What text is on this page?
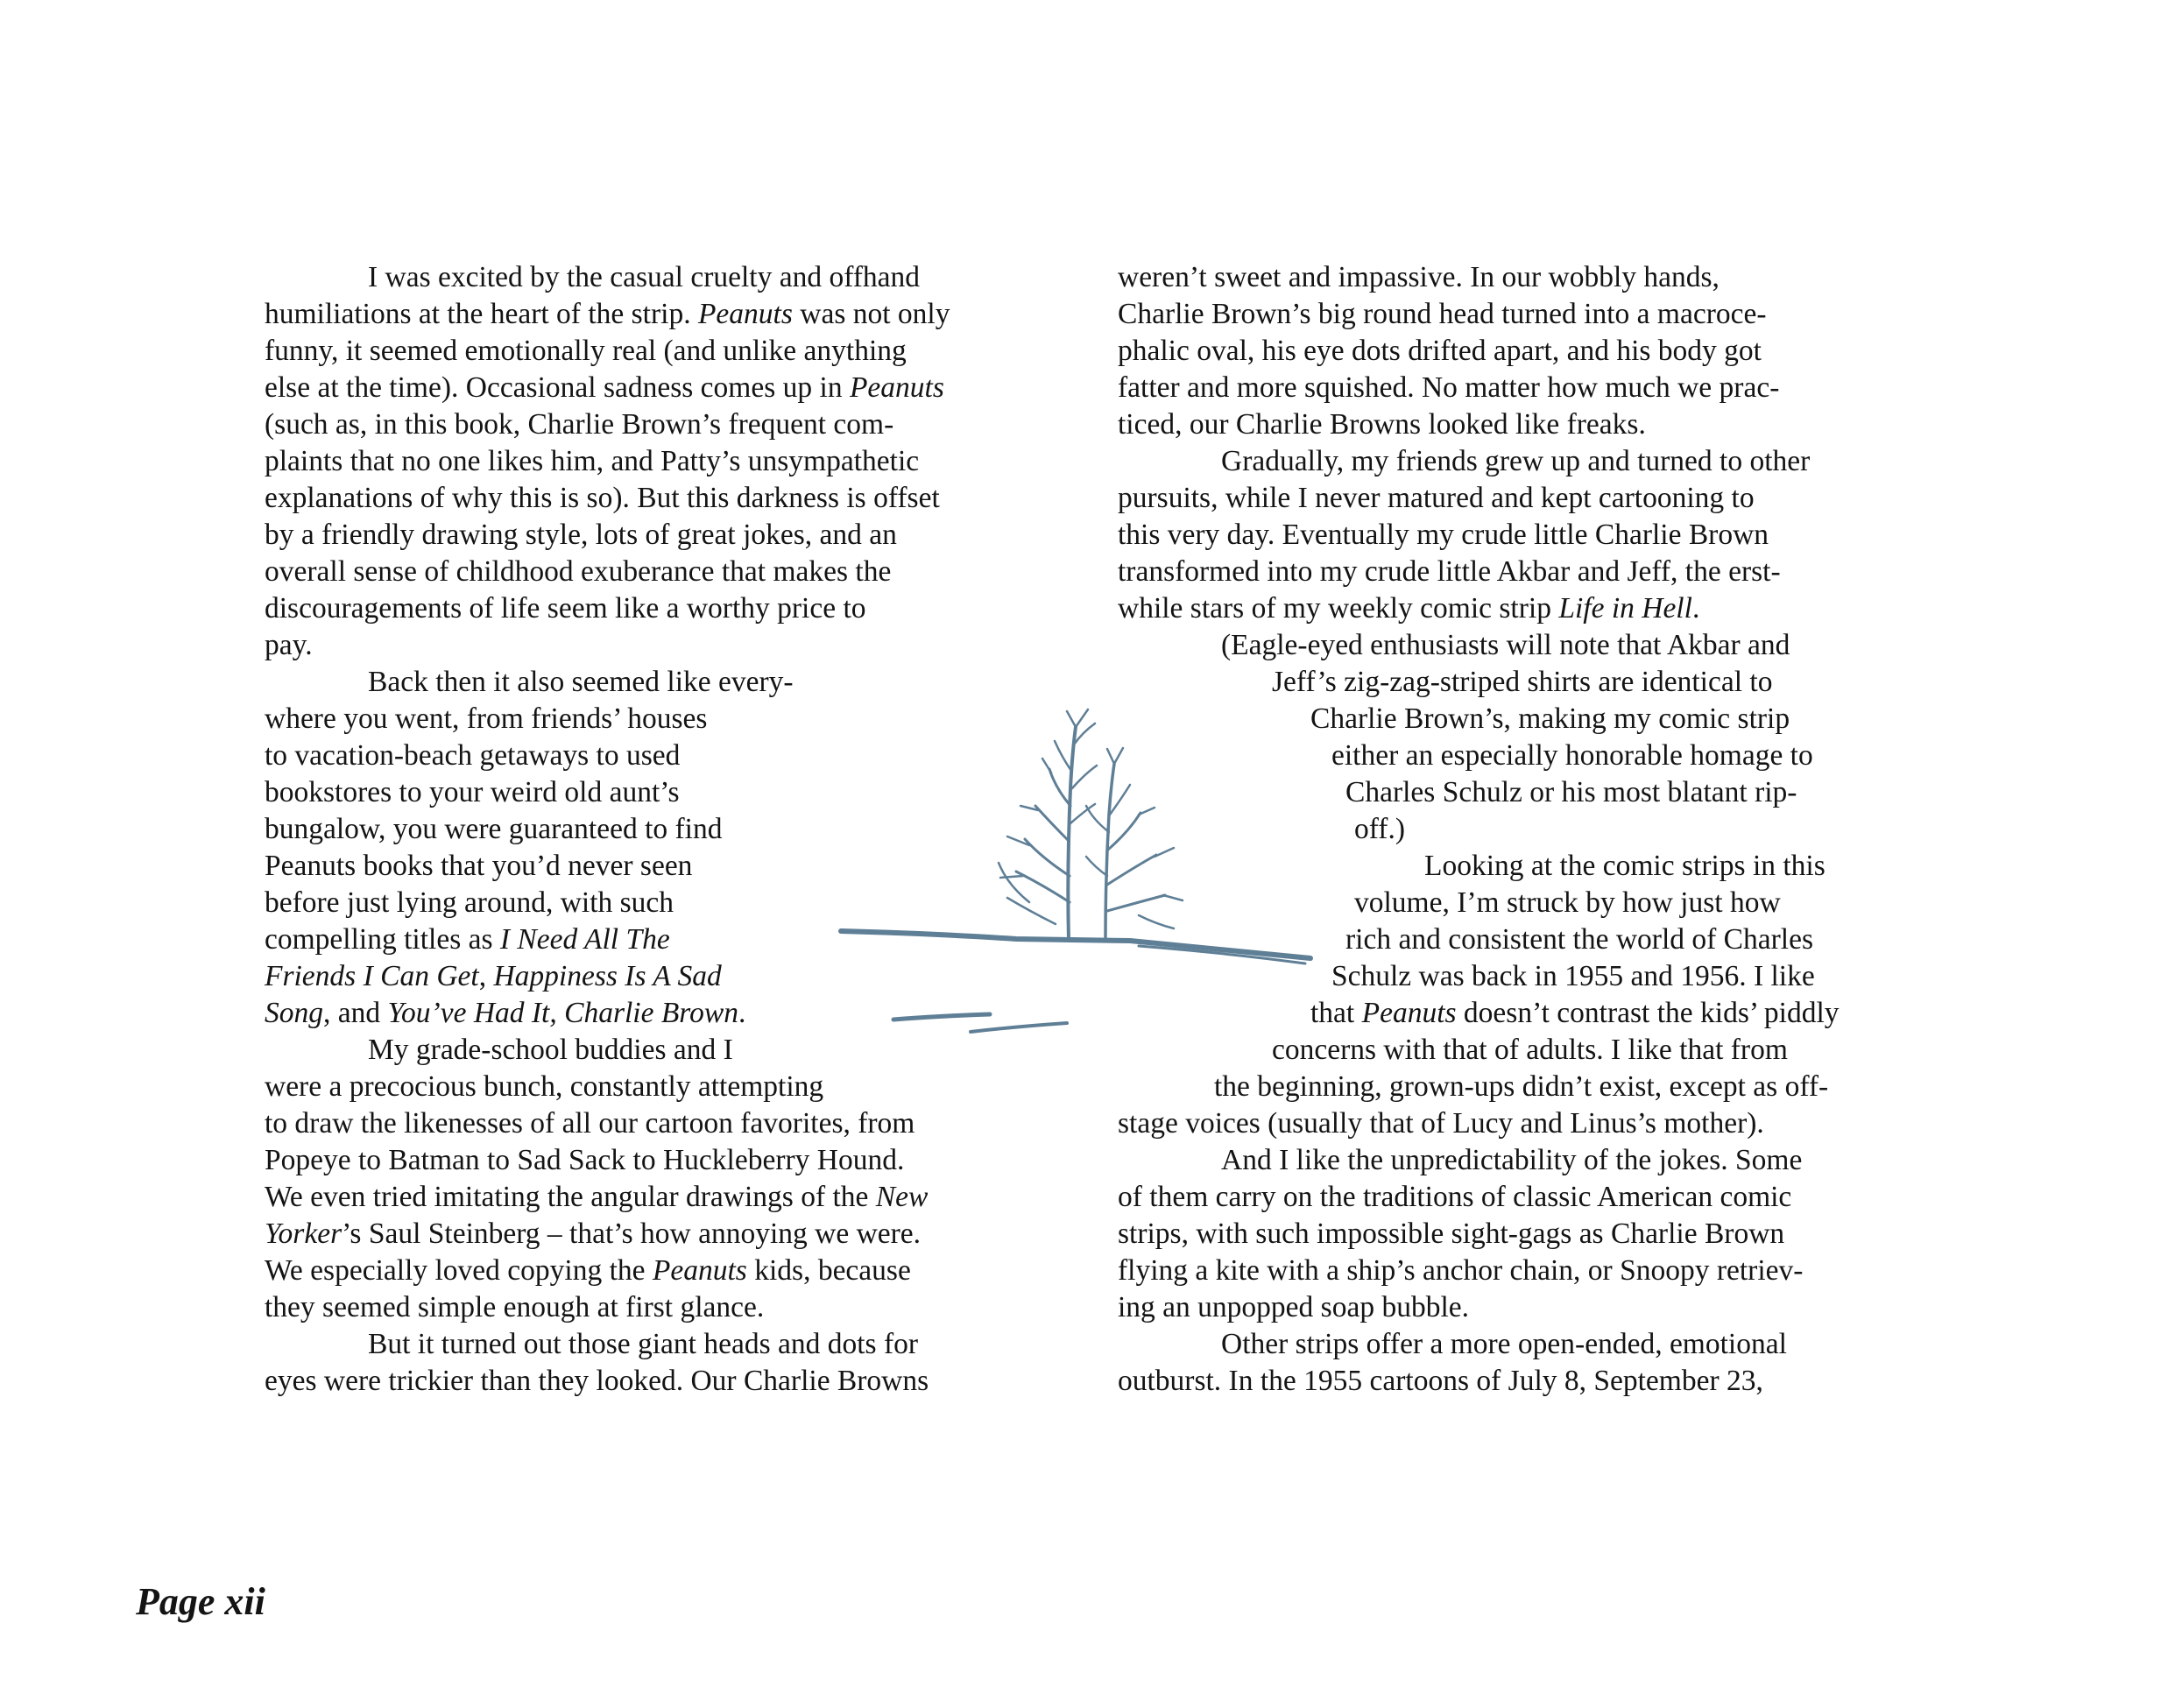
I was excited by the casual cruelty and offhand

humiliations at the heart of the strip. Peanuts was not only

funny, it seemed emotionally real (and unlike anything

else at the time). Occasional sadness comes up in Peanuts

(such as, in this book, Charlie Brown’s frequent com-

plaints that no one likes him, and Patty’s unsympathetic

explanations of why this is so). But this darkness is offset

by a friendly drawing style, lots of great jokes, and an

overall sense of childhood exuberance that makes the

discouragements of life seem like a worthy price to

pay.

Back then it also seemed like every-

where you went, from friends’ houses

to vacation-beach getaways to used

bookstores to your weird old aunt’s

bungalow, you were guaranteed to find

Peanuts books that you’d never seen

before just lying around, with such

compelling titles as I Need All The

Friends I Can Get, Happiness Is A Sad

Song, and You’ve Had It, Charlie Brown.

My grade-school buddies and I

were a precocious bunch, constantly attempting

to draw the likenesses of all our cartoon favorites, from

Popeye to Batman to Sad Sack to Huckleberry Hound.

We even tried imitating the angular drawings of the New

Yorker’s Saul Steinberg – that’s how annoying we were.

We especially loved copying the Peanuts kids, because

they seemed simple enough at first glance.

But it turned out those giant heads and dots for

eyes were trickier than they looked. Our Charlie Browns

weren’t sweet and impassive. In our wobbly hands,

Charlie Brown’s big round head turned into a macroce-

phalic oval, his eye dots drifted apart, and his body got

fatter and more squished. No matter how much we prac-

ticed, our Charlie Browns looked like freaks.

Gradually, my friends grew up and turned to other

pursuits, while I never matured and kept cartooning to

this very day. Eventually my crude little Charlie Brown

transformed into my crude little Akbar and Jeff, the erst-

while stars of my weekly comic strip Life in Hell.

(Eagle-eyed enthusiasts will note that Akbar and

Jeff’s zig-zag-striped shirts are identical to

Charlie Brown’s, making my comic strip

either an especially honorable homage to

Charles Schulz or his most blatant rip-

off.)

Looking at the comic strips in this

volume, I’m struck by how just how

rich and consistent the world of Charles

Schulz was back in 1955 and 1956. I like

that Peanuts doesn’t contrast the kids’ piddly

concerns with that of adults. I like that from

the beginning, grown-ups didn’t exist, except as off-

stage voices (usually that of Lucy and Linus’s mother).

And I like the unpredictability of the jokes. Some

of them carry on the traditions of classic American comic

strips, with such impossible sight-gags as Charlie Brown

flying a kite with a ship’s anchor chain, or Snoopy retriev-

ing an unpopped soap bubble.

Other strips offer a more open-ended, emotional

outburst. In the 1955 cartoons of July 8, September 23,

Page xii
